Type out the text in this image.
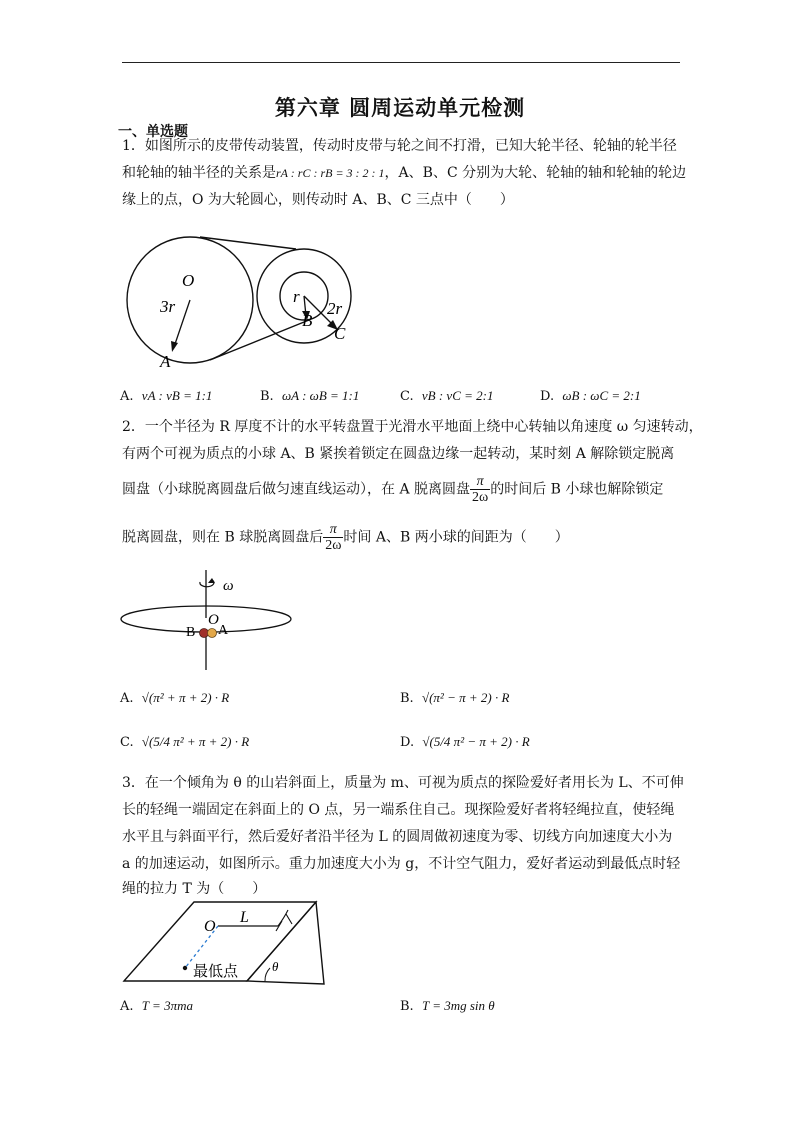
第六章 圆周运动单元检测
一、单选题
1．如图所示的皮带传动装置，传动时皮带与轮之间不打滑，已知大轮半径、轮轴的轮半径
和轮轴的轴半径的关系是rA : rC : rB = 3 : 2 : 1，A、B、C 分别为大轮、轮轴的轴和轮轴的轮边
缘上的点，O 为大轮圆心，则传动时 A、B、C 三点中（　　）
O
3r
A
r
B
2r
C
A. vA : vB = 1:1	B. ωA : ωB = 1:1	C. vB : vC = 2:1	D. ωB : ωC = 2:1
2．一个半径为 R 厚度不计的水平转盘置于光滑水平地面上绕中心转轴以角速度 ω 匀速转动，
有两个可视为质点的小球 A、B 紧挨着锁定在圆盘边缘一起转动，某时刻 A 解除锁定脱离
圆盘（小球脱离圆盘后做匀速直线运动），在 A 脱离圆盘 $\frac{\pi}{2\omega}$ 的时间后 B 小球也解除锁定
脱离圆盘，则在 B 球脱离圆盘后 $\frac{\pi}{2\omega}$ 时间 A、B 两小球的间距为（　　）
ω
O
B A
A. √(π² + π + 2) · R	B. √(π² − π + 2) · R
C. √(5/4 π² + π + 2) · R	D. √(5/4 π² − π + 2) · R
3．在一个倾角为 θ 的山岩斜面上，质量为 m、可视为质点的探险爱好者用长为 L、不可伸
长的轻绳一端固定在斜面上的 O 点，另一端系住自己。现探险爱好者将轻绳拉直，使轻绳
水平且与斜面平行，然后爱好者沿半径为 L 的圆周做初速度为零、切线方向加速度大小为
a 的加速运动，如图所示。重力加速度大小为 g，不计空气阻力，爱好者运动到最低点时轻
绳的拉力 T 为（　　）
O
L
最低点	θ
A. T = 3πma	B. T = 3mg sin θ
